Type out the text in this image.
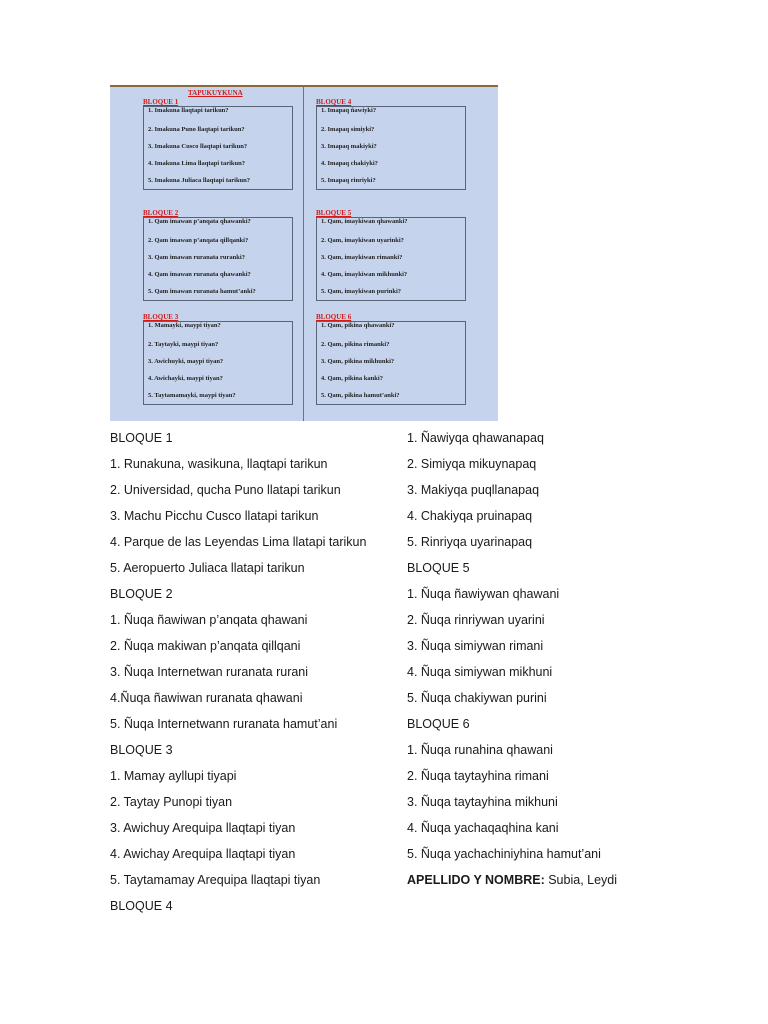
TAPUKUYKUNA
BLOQUE 1
1. Imakuna llaqtapi tarikun?
2. Imakuna Puno llaqtapi tarikun?
3. Imakuna Cusco llaqtapi tarikun?
4. Imakuna Lima llaqtapi tarikun?
5. Imakuna Juliaca llaqtapi tarikun?
BLOQUE 4
1. Imapaq ñawiyki?
2. Imapaq simiyki?
3. Imapaq makiyki?
4. Imapaq chakiyki?
5. Imapaq rinriyki?
BLOQUE 2
1. Qam imawan p’anqata qhawanki?
2. Qam imawan p’anqata qillqanki?
3. Qam imawan ruranata ruranki?
4. Qam imawan ruranata qhawanki?
5. Qam imawan ruranata hamut’anki?
BLOQUE 5
1. Qam, imaykiwan qhawanki?
2. Qam, imaykiwan uyarinki?
3. Qam, imaykiwan rimanki?
4. Qam, imaykiwan mikhunki?
5. Qam, imaykiwan purinki?
BLOQUE 3
1. Mamayki, maypi tiyan?
2. Taytayki, maypi tiyan?
3. Awichuyki, maypi tiyan?
4. Awichayki, maypi tiyan?
5. Taytamamayki, maypi tiyan?
BLOQUE 6
1. Qam, pikina qhawanki?
2. Qam, pikina rimanki?
3. Qam, pikina mikhunki?
4. Qam, pikina kanki?
5. Qam, pikina hamut’anki?
BLOQUE 1
1. Runakuna, wasikuna, llaqtapi tarikun
2. Universidad, qucha Puno llatapi tarikun
3. Machu Picchu Cusco llatapi tarikun
4. Parque de las Leyendas Lima llatapi tarikun
5. Aeropuerto Juliaca llatapi tarikun
BLOQUE 2
1. Ñuqa ñawiwan p’anqata qhawani
2. Ñuqa makiwan p’anqata qillqani
3. Ñuqa Internetwan ruranata rurani
4.Ñuqa ñawiwan ruranata qhawani
5. Ñuqa Internetwann ruranata hamut’ani
BLOQUE 3
1. Mamay ayllupi tiyapi
2. Taytay Punopi tiyan
3. Awichuy Arequipa llaqtapi tiyan
4. Awichay Arequipa llaqtapi tiyan
5. Taytamamay Arequipa llaqtapi tiyan
BLOQUE 4
1. Ñawiyqa qhawanapaq
2. Simiyqa mikuynapaq
3. Makiyqa puqllanapaq
4. Chakiyqa pruinapaq
5. Rinriyqa uyarinapaq
BLOQUE 5
1. Ñuqa ñawiywan qhawani
2. Ñuqa rinriywan uyarini
3. Ñuqa simiywan rimani
4. Ñuqa simiywan mikhuni
5. Ñuqa chakiywan purini
BLOQUE 6
1. Ñuqa runahina qhawani
2. Ñuqa taytayhina rimani
3. Ñuqa taytayhina mikhuni
4. Ñuqa yachaqaqhina kani
5. Ñuqa yachachiniyhina hamut’ani
APELLIDO Y NOMBRE: Subia, Leydi
